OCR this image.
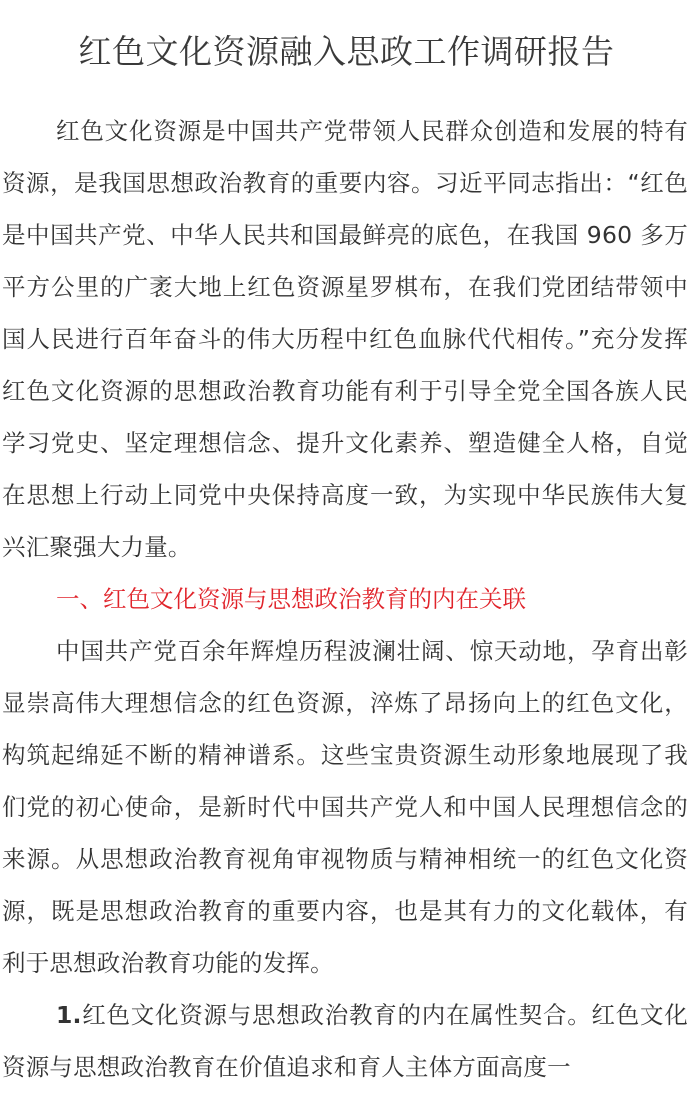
红色文化资源融入思政工作调研报告

红色文化资源是中国共产党带领人民群众创造和发展的特有资源，是我国思想政治教育的重要内容。习近平同志指出：“红色是中国共产党、中华人民共和国最鲜亮的底色，在我国 960 多万平方公里的广袤大地上红色资源星罗棋布，在我们党团结带领中国人民进行百年奋斗的伟大历程中红色血脉代代相传。”充分发挥红色文化资源的思想政治教育功能有利于引导全党全国各族人民学习党史、坚定理想信念、提升文化素养、塑造健全人格，自觉在思想上行动上同党中央保持高度一致，为实现中华民族伟大复兴汇聚强大力量。

一、红色文化资源与思想政治教育的内在关联

中国共产党百余年辉煌历程波澜壮阔、惊天动地，孕育出彰显崇高伟大理想信念的红色资源，淬炼了昂扬向上的红色文化，构筑起绵延不断的精神谱系。这些宝贵资源生动形象地展现了我们党的初心使命，是新时代中国共产党人和中国人民理想信念的来源。从思想政治教育视角审视物质与精神相统一的红色文化资源，既是思想政治教育的重要内容，也是其有力的文化载体，有利于思想政治教育功能的发挥。

1.红色文化资源与思想政治教育的内在属性契合。红色文化资源与思想政治教育在价值追求和育人主体方面高度一
